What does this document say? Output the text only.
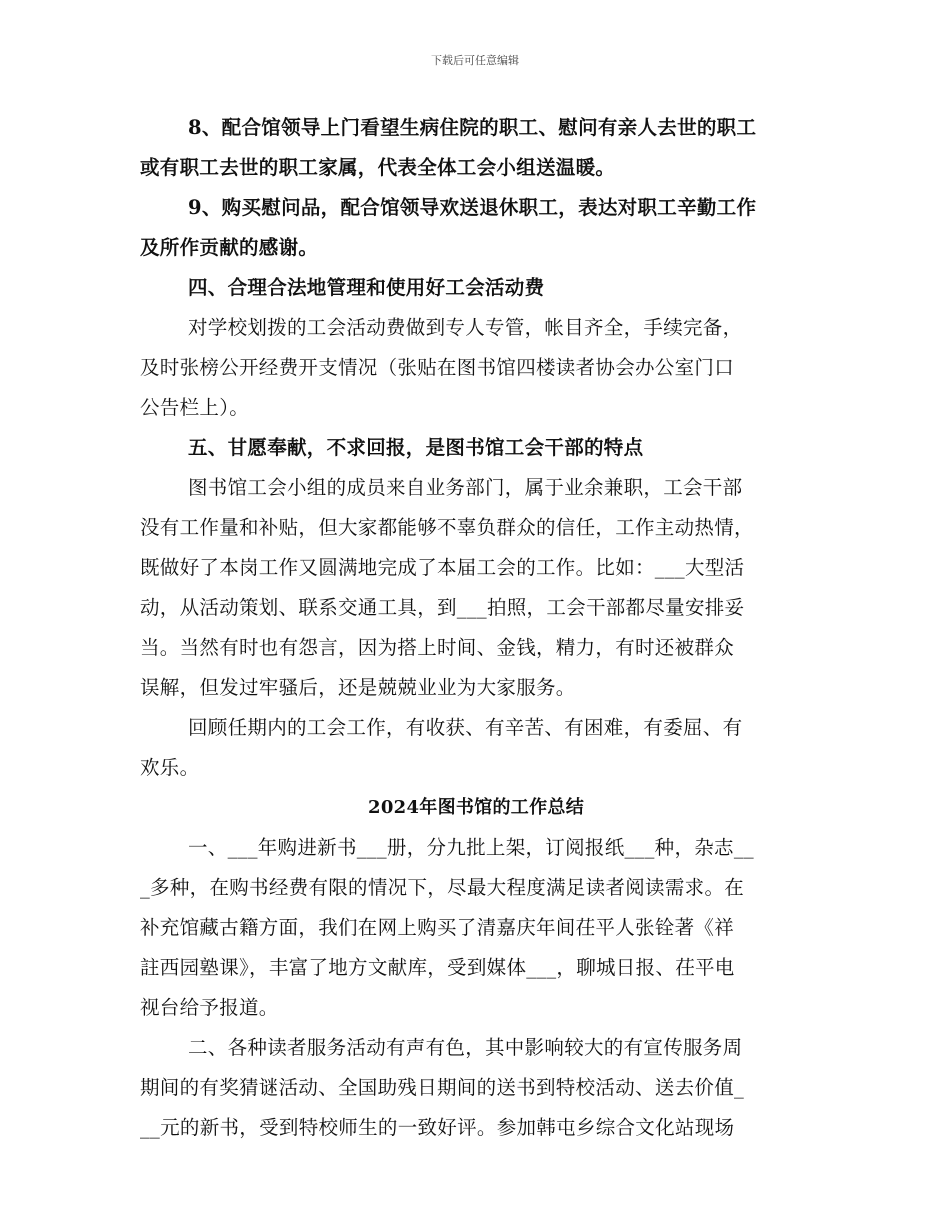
下载后可任意编辑
8、配合馆领导上门看望生病住院的职工、慰问有亲人去世的职工
或有职工去世的职工家属，代表全体工会小组送温暖。
9、购买慰问品，配合馆领导欢送退休职工，表达对职工辛勤工作
及所作贡献的感谢。
四、合理合法地管理和使用好工会活动费
对学校划拨的工会活动费做到专人专管，帐目齐全，手续完备，
及时张榜公开经费开支情况（张贴在图书馆四楼读者协会办公室门口
公告栏上）。
五、甘愿奉献，不求回报，是图书馆工会干部的特点
图书馆工会小组的成员来自业务部门，属于业余兼职，工会干部
没有工作量和补贴，但大家都能够不辜负群众的信任，工作主动热情，
既做好了本岗工作又圆满地完成了本届工会的工作。比如：___大型活
动，从活动策划、联系交通工具，到___拍照，工会干部都尽量安排妥
当。当然有时也有怨言，因为搭上时间、金钱，精力，有时还被群众
误解，但发过牢骚后，还是兢兢业业为大家服务。
回顾任期内的工会工作，有收获、有辛苦、有困难，有委屈、有
欢乐。
2024年图书馆的工作总结
一、___年购进新书___册，分九批上架，订阅报纸___种，杂志__
_多种，在购书经费有限的情况下，尽最大程度满足读者阅读需求。在
补充馆藏古籍方面，我们在网上购买了清嘉庆年间茌平人张铨著《祥
註西园塾课》，丰富了地方文献库，受到媒体___，聊城日报、茌平电
视台给予报道。
二、各种读者服务活动有声有色，其中影响较大的有宣传服务周
期间的有奖猜谜活动、全国助残日期间的送书到特校活动、送去价值_
__元的新书，受到特校师生的一致好评。参加韩屯乡综合文化站现场
